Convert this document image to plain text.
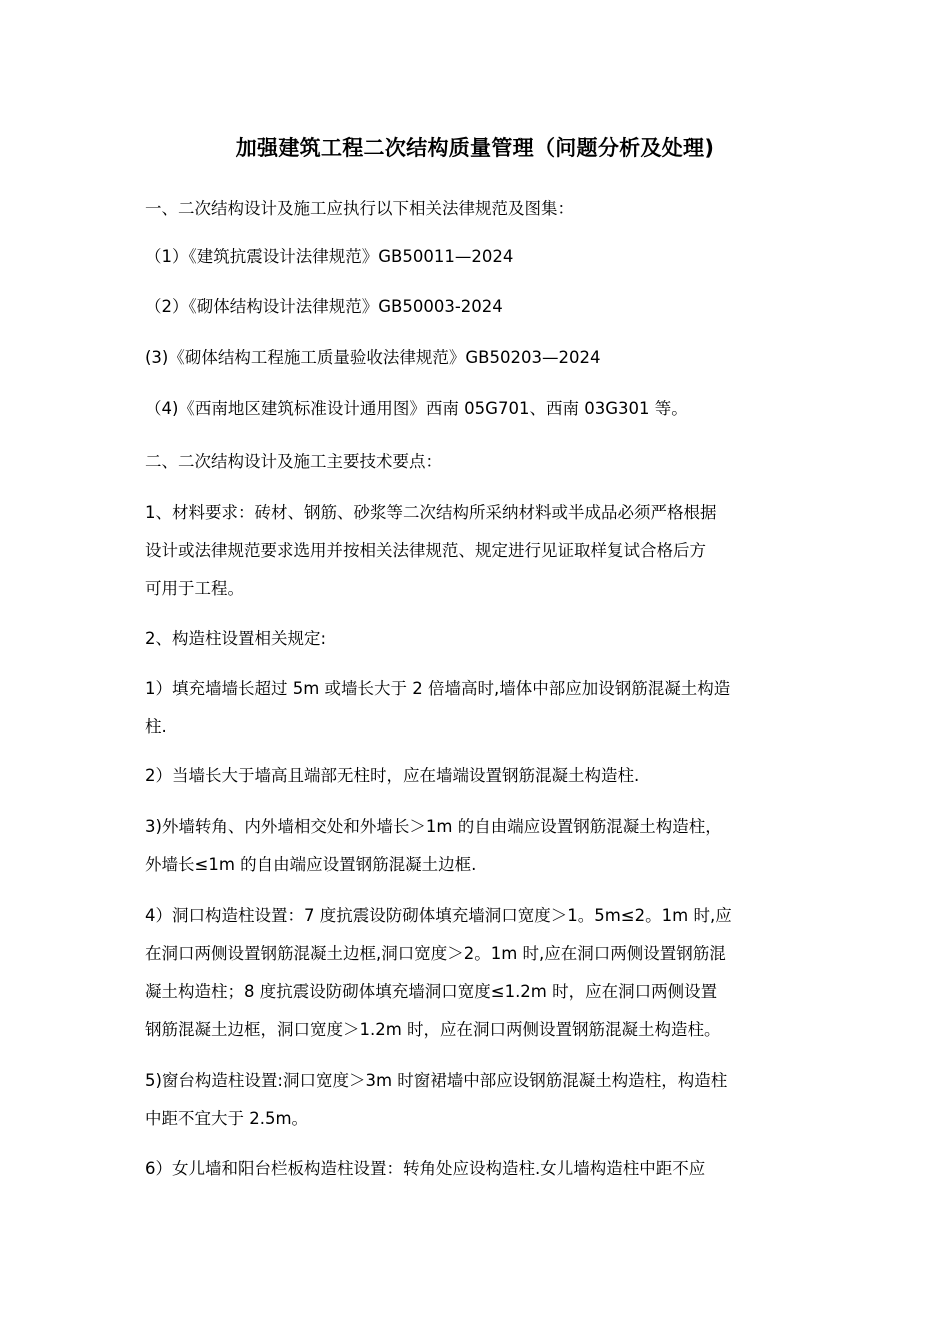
加强建筑工程二次结构质量管理（问题分析及处理)
一、二次结构设计及施工应执行以下相关法律规范及图集：
（1）《建筑抗震设计法律规范》GB50011—2024
（2）《砌体结构设计法律规范》GB50003-2024
(3)《砌体结构工程施工质量验收法律规范》GB50203—2024
（4)《西南地区建筑标准设计通用图》西南 05G701、西南 03G301 等。
二、二次结构设计及施工主要技术要点：
1、材料要求：砖材、钢筋、砂浆等二次结构所采纳材料或半成品必须严格根据
设计或法律规范要求选用并按相关法律规范、规定进行见证取样复试合格后方
可用于工程。
2、构造柱设置相关规定:
1）填充墙墙长超过 5m 或墙长大于 2 倍墙高时,墙体中部应加设钢筋混凝土构造
柱.
2）当墙长大于墙高且端部无柱时，应在墙端设置钢筋混凝土构造柱.
3)外墙转角、内外墙相交处和外墙长＞1m 的自由端应设置钢筋混凝土构造柱，
外墙长≤1m 的自由端应设置钢筋混凝土边框.
4）洞口构造柱设置：7 度抗震设防砌体填充墙洞口宽度＞1。5m≤2。1m 时,应
在洞口两侧设置钢筋混凝土边框,洞口宽度＞2。1m 时,应在洞口两侧设置钢筋混
凝土构造柱；8 度抗震设防砌体填充墙洞口宽度≤1.2m 时，应在洞口两侧设置
钢筋混凝土边框，洞口宽度＞1.2m 时，应在洞口两侧设置钢筋混凝土构造柱。
5)窗台构造柱设置:洞口宽度＞3m 时窗裙墙中部应设钢筋混凝土构造柱，构造柱
中距不宜大于 2.5m。
6）女儿墙和阳台栏板构造柱设置：转角处应设构造柱.女儿墙构造柱中距不应
